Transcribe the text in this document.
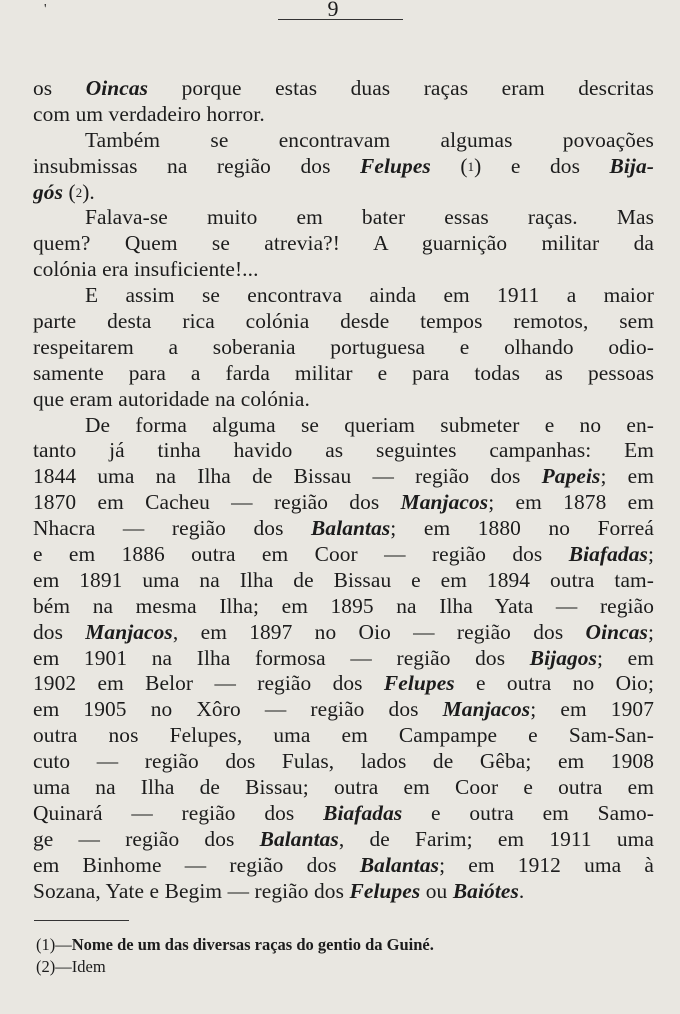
'	9
os Oincas porque estas duas raças eram descritas
com um verdadeiro horror.
Também se encontravam algumas povoações
insubmissas na região dos Felupes ($^1$) e dos Bija-
gós ($^2$).
Falava-se muito em bater essas raças. Mas
quem? Quem se atrevia?! A guarnição militar da
colónia era insuficiente!...
E assim se encontrava ainda em 1911 a maior
parte desta rica colónia desde tempos remotos, sem
respeitarem a soberania portuguesa e olhando odio-
samente para a farda militar e para todas as pessoas
que eram autoridade na colónia.
De forma alguma se queriam submeter e no en-
tanto já tinha havido as seguintes campanhas: Em
1844 uma na Ilha de Bissau — região dos Papeis; em
1870 em Cacheu — região dos Manjacos; em 1878 em
Nhacra — região dos Balantas; em 1880 no Forreá
e em 1886 outra em Coor — região dos Biafadas;
em 1891 uma na Ilha de Bissau e em 1894 outra tam-
bém na mesma Ilha; em 1895 na Ilha Yata — região
dos Manjacos, em 1897 no Oio — região dos Oincas;
em 1901 na Ilha formosa — região dos Bijagos; em
1902 em Belor — região dos Felupes e outra no Oio;
em 1905 no Xôro — região dos Manjacos; em 1907
outra nos Felupes, uma em Campampe e Sam-San-
cuto — região dos Fulas, lados de Gêba; em 1908
uma na Ilha de Bissau; outra em Coor e outra em
Quinará — região dos Biafadas e outra em Samo-
ge — região dos Balantas, de Farim; em 1911 uma
em Binhome — região dos Balantas; em 1912 uma à
Sozana, Yate e Begim — região dos Felupes ou Baiótes.
(1)—Nome de um das diversas raças do gentio da Guiné.
(2)—Idem
